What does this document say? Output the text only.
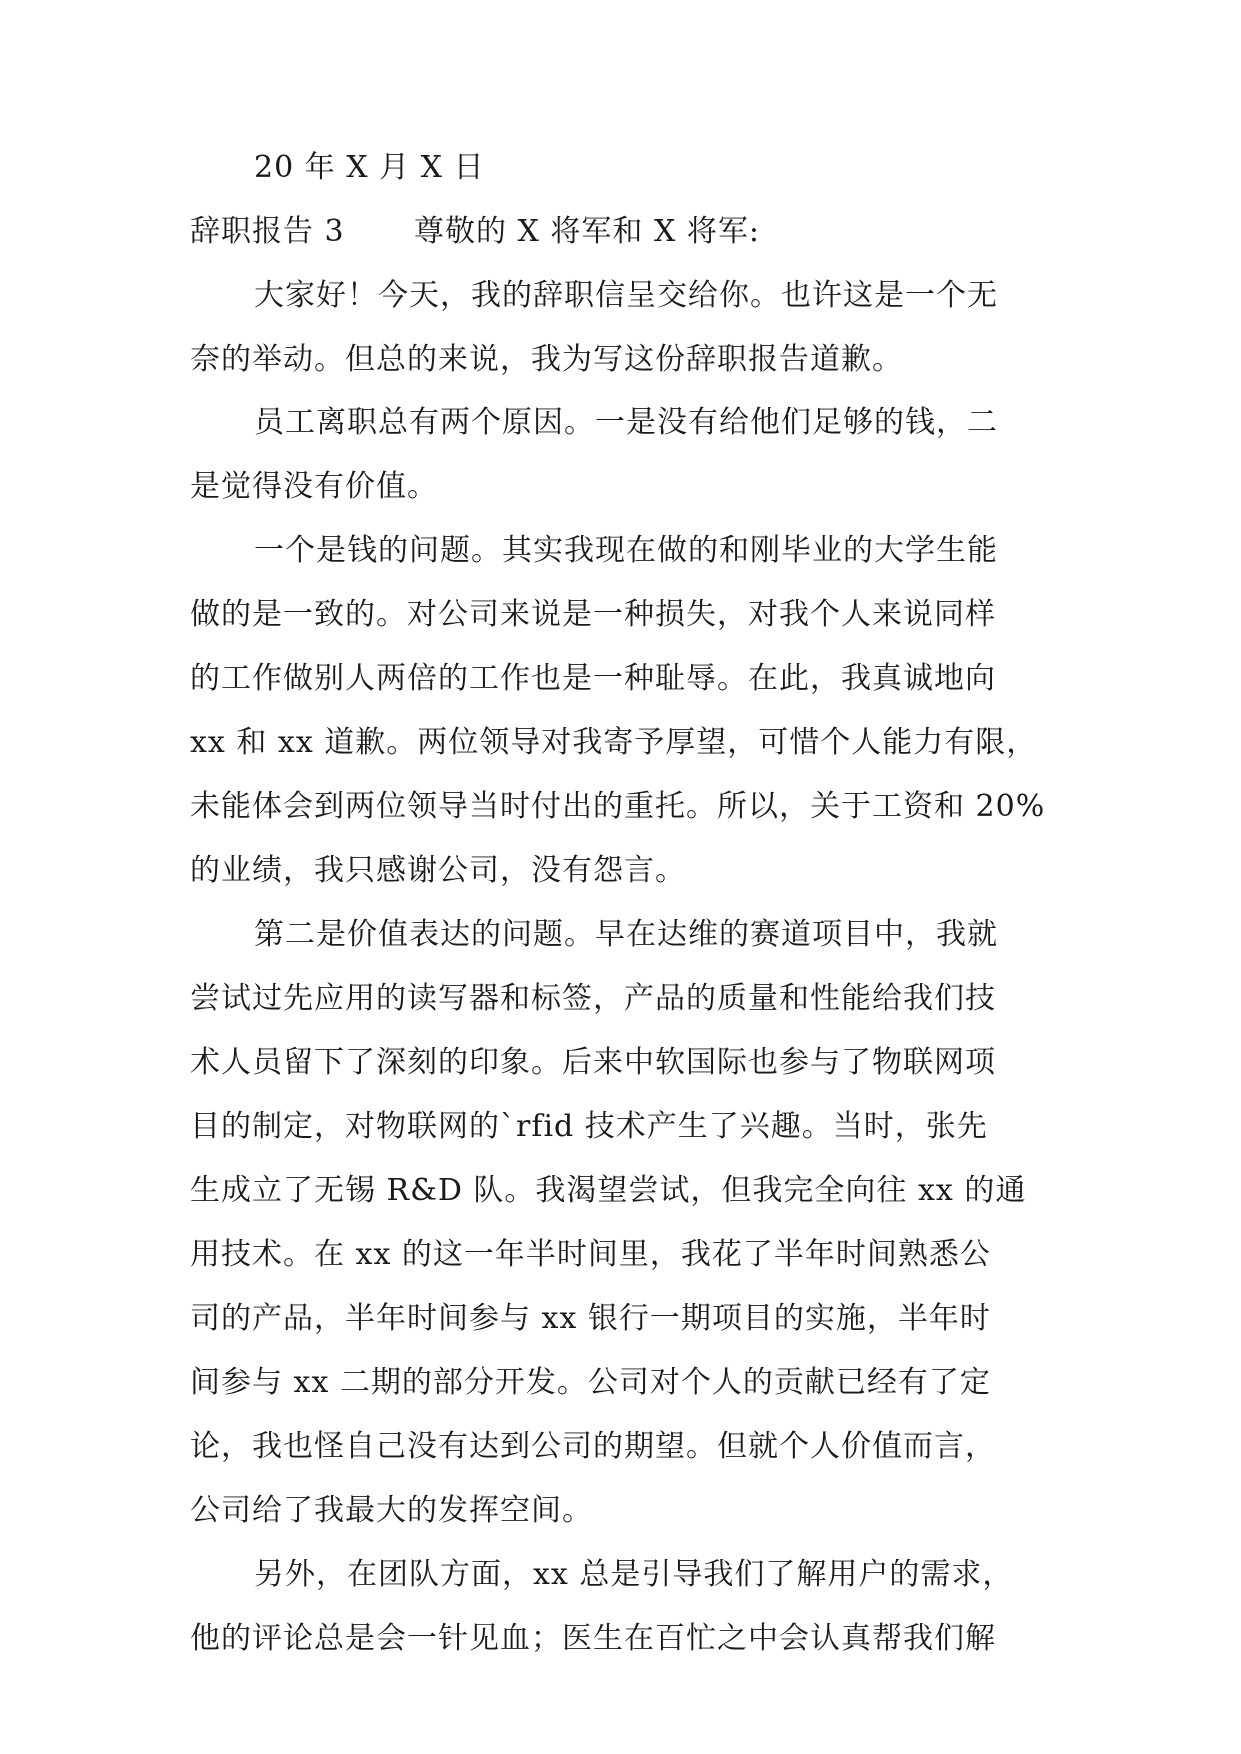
20 年 X 月 X 日
辞职报告 3 尊敬的 X 将军和 X 将军:
大家好！今天，我的辞职信呈交给你。也许这是一个无
奈的举动。但总的来说，我为写这份辞职报告道歉。
员工离职总有两个原因。一是没有给他们足够的钱，二
是觉得没有价值。
一个是钱的问题。其实我现在做的和刚毕业的大学生能
做的是一致的。对公司来说是一种损失，对我个人来说同样
的工作做别人两倍的工作也是一种耻辱。在此，我真诚地向
xx 和 xx 道歉。两位领导对我寄予厚望，可惜个人能力有限，
未能体会到两位领导当时付出的重托。所以，关于工资和 20%
的业绩，我只感谢公司，没有怨言。
第二是价值表达的问题。早在达维的赛道项目中，我就
尝试过先应用的读写器和标签，产品的质量和性能给我们技
术人员留下了深刻的印象。后来中软国际也参与了物联网项
目的制定，对物联网的`rfid 技术产生了兴趣。当时，张先
生成立了无锡 R&D 队。我渴望尝试，但我完全向往 xx 的通
用技术。在 xx 的这一年半时间里，我花了半年时间熟悉公
司的产品，半年时间参与 xx 银行一期项目的实施，半年时
间参与 xx 二期的部分开发。公司对个人的贡献已经有了定
论，我也怪自己没有达到公司的期望。但就个人价值而言，
公司给了我最大的发挥空间。
另外，在团队方面，xx 总是引导我们了解用户的需求，
他的评论总是会一针见血；医生在百忙之中会认真帮我们解
